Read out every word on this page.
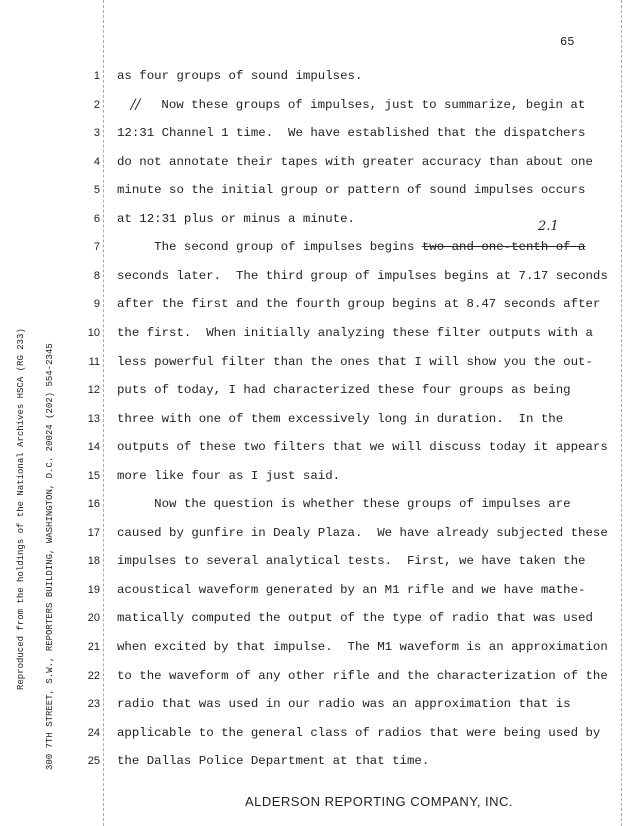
65
Reproduced from the holdings of the National Archives HSCA (RG 233) 300 7TH STREET, S.W., REPORTERS BUILDING, WASHINGTON, D.C. 20024 (202) 554-2345
1 as four groups of sound impulses.
2 // Now these groups of impulses, just to summarize, begin at
3 12:31 Channel 1 time.  We have established that the dispatchers
4 do not annotate their tapes with greater accuracy than about one
5 minute so the initial group or pattern of sound impulses occurs
6 at 12:31 plus or minus a minute.
7     The second group of impulses begins two and one-tenth of a
8 seconds later.  The third group of impulses begins at 7.17 seconds
9 after the first and the fourth group begins at 8.47 seconds after
10 the first.  When initially analyzing these filter outputs with a
11 less powerful filter than the ones that I will show you the out-
12 puts of today, I had characterized these four groups as being
13 three with one of them excessively long in duration.  In the
14 outputs of these two filters that we will discuss today it appears
15 more like four as I just said.
16     Now the question is whether these groups of impulses are
17 caused by gunfire in Dealy Plaza.  We have already subjected these
18 impulses to several analytical tests.  First, we have taken the
19 acoustical waveform generated by an M1 rifle and we have mathe-
20 matically computed the output of the type of radio that was used
21 when excited by that impulse.  The M1 waveform is an approximation
22 to the waveform of any other rifle and the characterization of the
23 radio that was used in our radio was an approximation that is
24 applicable to the general class of radios that were being used by
25 the Dallas Police Department at that time.
2.1
ALDERSON REPORTING COMPANY, INC.
